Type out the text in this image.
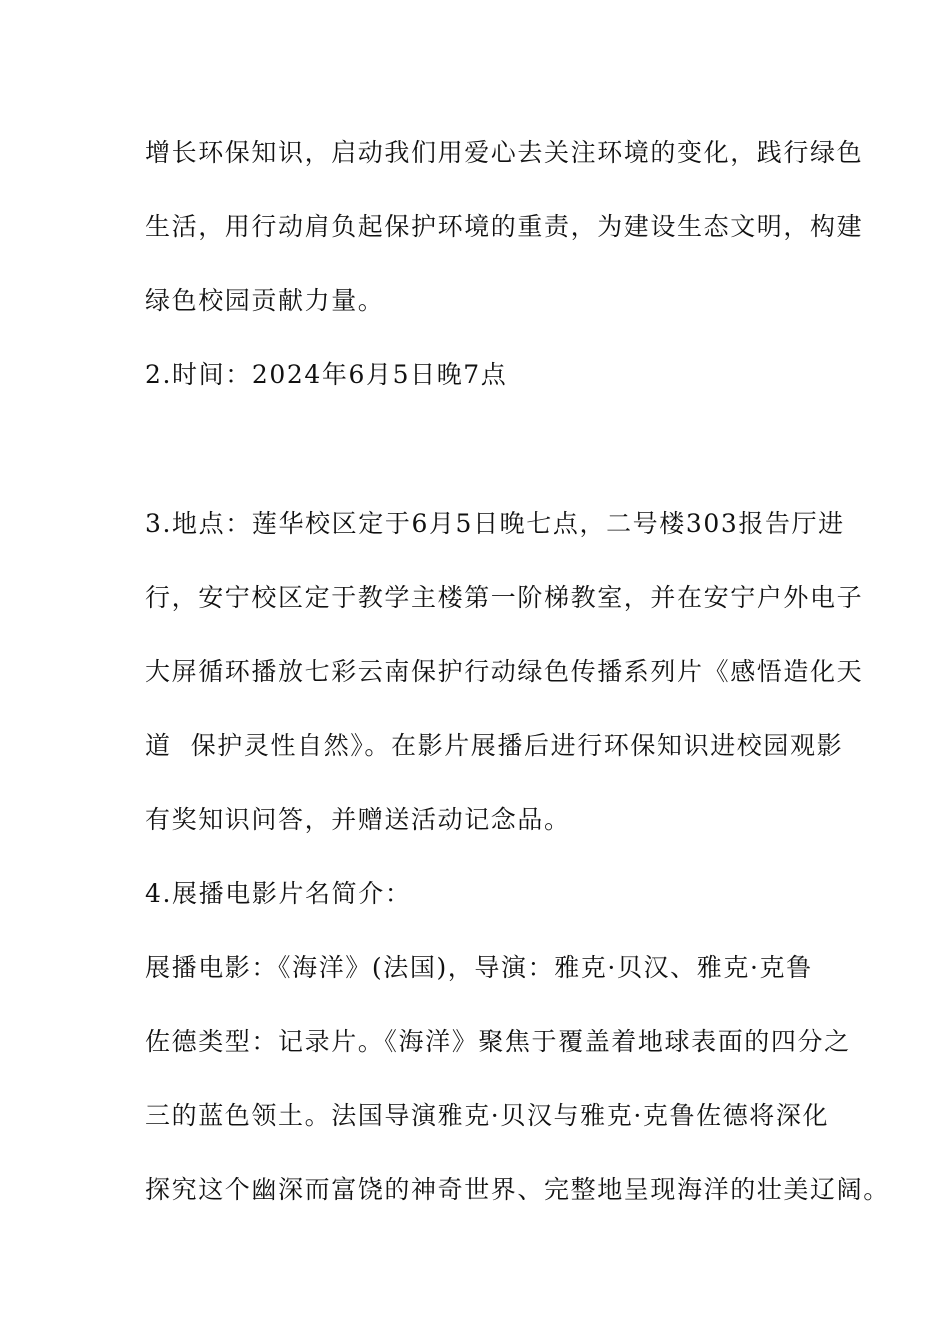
增长环保知识，启动我们用爱心去关注环境的变化，践行绿色
生活，用行动肩负起保护环境的重责，为建设生态文明，构建
绿色校园贡献力量。
2.时间：2024年6月5日晚7点
3.地点：莲华校区定于6月5日晚七点，二号楼303报告厅进
行，安宁校区定于教学主楼第一阶梯教室，并在安宁户外电子
大屏循环播放七彩云南保护行动绿色传播系列片《感悟造化天
道  保护灵性自然》。在影片展播后进行环保知识进校园观影
有奖知识问答，并赠送活动记念品。
4.展播电影片名简介：
展播电影：《海洋》(法国)，导演：雅克·贝汉、雅克·克鲁
佐德类型：记录片。《海洋》聚焦于覆盖着地球表面的四分之
三的蓝色领土。法国导演雅克·贝汉与雅克·克鲁佐德将深化
探究这个幽深而富饶的神奇世界、完整地呈现海洋的壮美辽阔。
